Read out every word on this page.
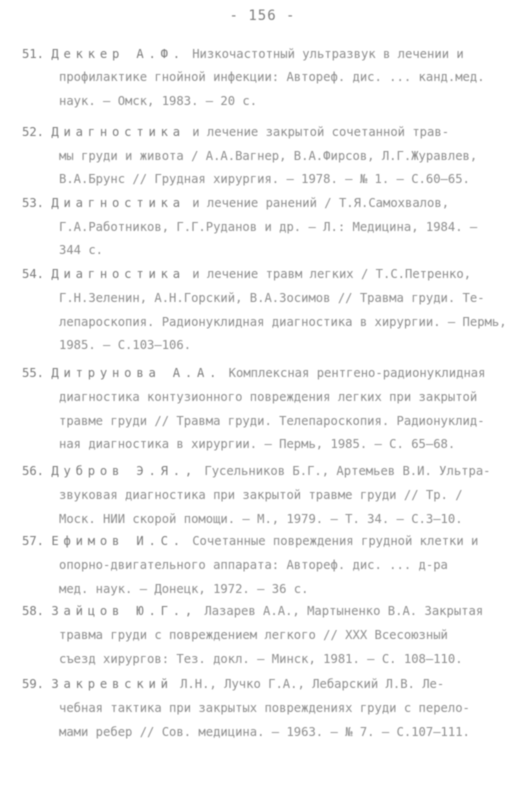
- 156 -
51. Деккер А.Ф. Низкочастотный ультразвук в лечении и
профилактике гнойной инфекции: Автореф. дис. ... канд.мед.
наук. – Омск, 1983. – 20 с.
52. Диагностика и лечение закрытой сочетанной трав-
мы груди и живота / А.А.Вагнер, В.А.Фирсов, Л.Г.Журавлев,
В.А.Брунс // Грудная хирургия. – 1978. – № 1. – С.60–65.
53. Диагностика и лечение ранений / Т.Я.Самохвалов,
Г.А.Работников, Г.Г.Руданов и др. – Л.: Медицина, 1984. –
344 с.
54. Диагностика и лечение травм легких / Т.С.Петренко,
Г.Н.Зеленин, А.Н.Горский, В.А.Зосимов // Травма груди. Те-
лепароскопия. Радионуклидная диагностика в хирургии. – Пермь,
1985. – С.103–106.
55. Дитрунова А.А. Комплексная рентгено-радионуклидная
диагностика контузионного повреждения легких при закрытой
травме груди // Травма груди. Телепароскопия. Радионуклид-
ная диагностика в хирургии. – Пермь, 1985. – С. 65–68.
56. Дубров Э.Я., Гусельников Б.Г., Артемьев В.И. Ультра-
звуковая диагностика при закрытой травме груди // Тр. /
Моск. НИИ скорой помощи. – М., 1979. – Т. 34. – С.3–10.
57. Ефимов И.С. Сочетанные повреждения грудной клетки и
опорно-двигательного аппарата: Автореф. дис. ... д-ра
мед. наук. – Донецк, 1972. – 36 с.
58. Зайцов Ю.Г., Лазарев А.А., Мартыненко В.А. Закрытая
травма груди с повреждением легкого // XXX Всесоюзный
съезд хирургов: Тез. докл. – Минск, 1981. – С. 108–110.
59. Закревский Л.Н., Лучко Г.А., Лебарский Л.В. Ле-
чебная тактика при закрытых повреждениях груди с перело-
мами ребер // Сов. медицина. – 1963. – № 7. – С.107–111.
